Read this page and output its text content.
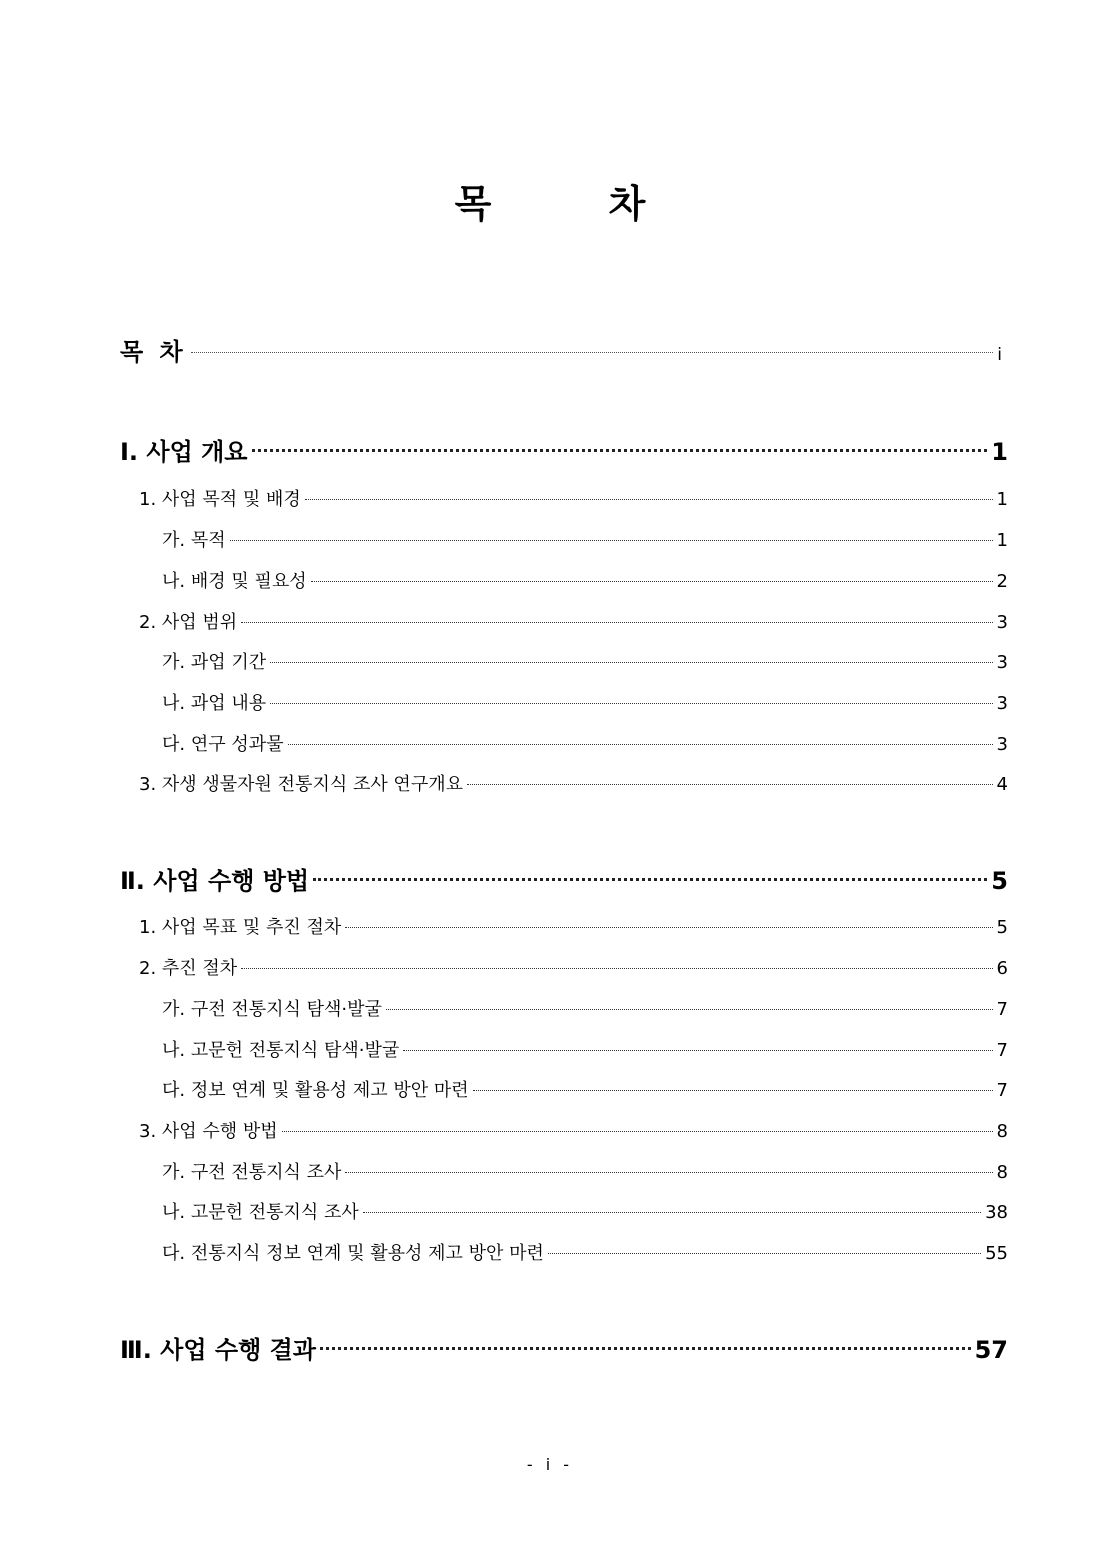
목 차
목 차	i
Ⅰ. 사업 개요	1
1. 사업 목적 및 배경	1
가. 목적	1
나. 배경 및 필요성	2
2. 사업 범위	3
가. 과업 기간	3
나. 과업 내용	3
다. 연구 성과물	3
3. 자생 생물자원 전통지식 조사 연구개요	4
Ⅱ. 사업 수행 방법	5
1. 사업 목표 및 추진 절차	5
2. 추진 절차	6
가. 구전 전통지식 탐색·발굴	7
나. 고문헌 전통지식 탐색·발굴	7
다. 정보 연계 및 활용성 제고 방안 마련	7
3. 사업 수행 방법	8
가. 구전 전통지식 조사	8
나. 고문헌 전통지식 조사	38
다. 전통지식 정보 연계 및 활용성 제고 방안 마련	55
Ⅲ. 사업 수행 결과	57
- i -
